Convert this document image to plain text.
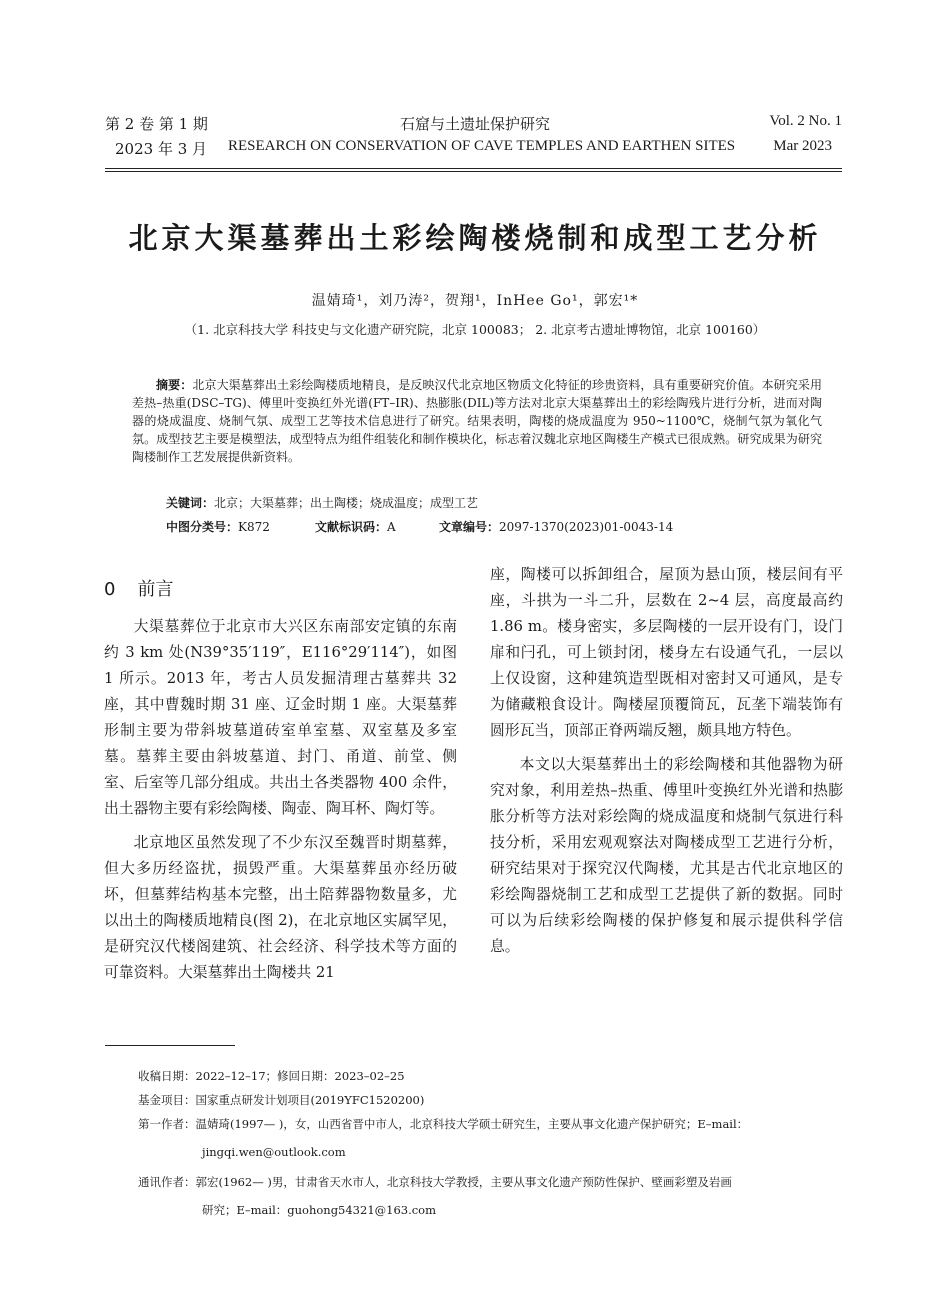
第 2 卷 第 1 期
2023 年 3 月
石窟与土遗址保护研究
RESEARCH ON CONSERVATION OF CAVE TEMPLES AND EARTHEN SITES
Vol. 2 No. 1
Mar 2023
北京大渠墓葬出土彩绘陶楼烧制和成型工艺分析
温婧琦¹，刘乃涛²，贺翔¹，InHee Go¹，郭宏¹*
（1. 北京科技大学 科技史与文化遗产研究院，北京 100083； 2. 北京考古遗址博物馆，北京 100160）

摘要：北京大渠墓葬出土彩绘陶楼质地精良，是反映汉代北京地区物质文化特征的珍贵资料，具有重要研究价值。本研究采用差热–热重(DSC–TG)、傅里叶变换红外光谱(FT–IR)、热膨胀(DIL)等方法对北京大渠墓葬出土的彩绘陶残片进行分析，进而对陶器的烧成温度、烧制气氛、成型工艺等技术信息进行了研究。结果表明，陶楼的烧成温度为 950~1100℃，烧制气氛为氧化气氛。成型技艺主要是模塑法，成型特点为组件组装化和制作模块化，标志着汉魏北京地区陶楼生产模式已很成熟。研究成果为研究陶楼制作工艺发展提供新资料。

关键词：北京；大渠墓葬；出土陶楼；烧成温度；成型工艺
中图分类号：K872	文献标识码：A	文章编号：2097-1370(2023)01-0043-14
0 前言

大渠墓葬位于北京市大兴区东南部安定镇的东南约 3 km 处(N39°35′119″，E116°29′114″)，如图 1 所示。2013 年，考古人员发掘清理古墓葬共 32 座，其中曹魏时期 31 座、辽金时期 1 座。大渠墓葬形制主要为带斜坡墓道砖室单室墓、双室墓及多室墓。墓葬主要由斜坡墓道、封门、甬道、前堂、侧室、后室等几部分组成。共出土各类器物 400 余件，出土器物主要有彩绘陶楼、陶壶、陶耳杯、陶灯等。

北京地区虽然发现了不少东汉至魏晋时期墓葬，但大多历经盗扰，损毁严重。大渠墓葬虽亦经历破坏，但墓葬结构基本完整，出土陪葬器物数量多，尤以出土的陶楼质地精良(图 2)，在北京地区实属罕见，是研究汉代楼阁建筑、社会经济、科学技术等方面的可靠资料。大渠墓葬出土陶楼共 21

座，陶楼可以拆卸组合，屋顶为悬山顶，楼层间有平座，斗拱为一斗二升，层数在 2~4 层，高度最高约 1.86 m。楼身密实，多层陶楼的一层开设有门，设门扉和闩孔，可上锁封闭，楼身左右设通气孔，一层以上仅设窗，这种建筑造型既相对密封又可通风，是专为储藏粮食设计。陶楼屋顶覆筒瓦，瓦垄下端装饰有圆形瓦当，顶部正脊两端反翘，颇具地方特色。

本文以大渠墓葬出土的彩绘陶楼和其他器物为研究对象，利用差热–热重、傅里叶变换红外光谱和热膨胀分析等方法对彩绘陶的烧成温度和烧制气氛进行科技分析，采用宏观观察法对陶楼成型工艺进行分析，研究结果对于探究汉代陶楼，尤其是古代北京地区的彩绘陶器烧制工艺和成型工艺提供了新的数据。同时可以为后续彩绘陶楼的保护修复和展示提供科学信息。

收稿日期：2022–12–17；修回日期：2023–02–25

基金项目：国家重点研发计划项目(2019YFC1520200)

第一作者：温婧琦(1997— )，女，山西省晋中市人，北京科技大学硕士研究生，主要从事文化遗产保护研究；E–mail：

jingqi.wen@outlook.com

通讯作者：郭宏(1962— )男，甘肃省天水市人，北京科技大学教授，主要从事文化遗产预防性保护、壁画彩塑及岩画

研究；E–mail：guohong54321@163.com
